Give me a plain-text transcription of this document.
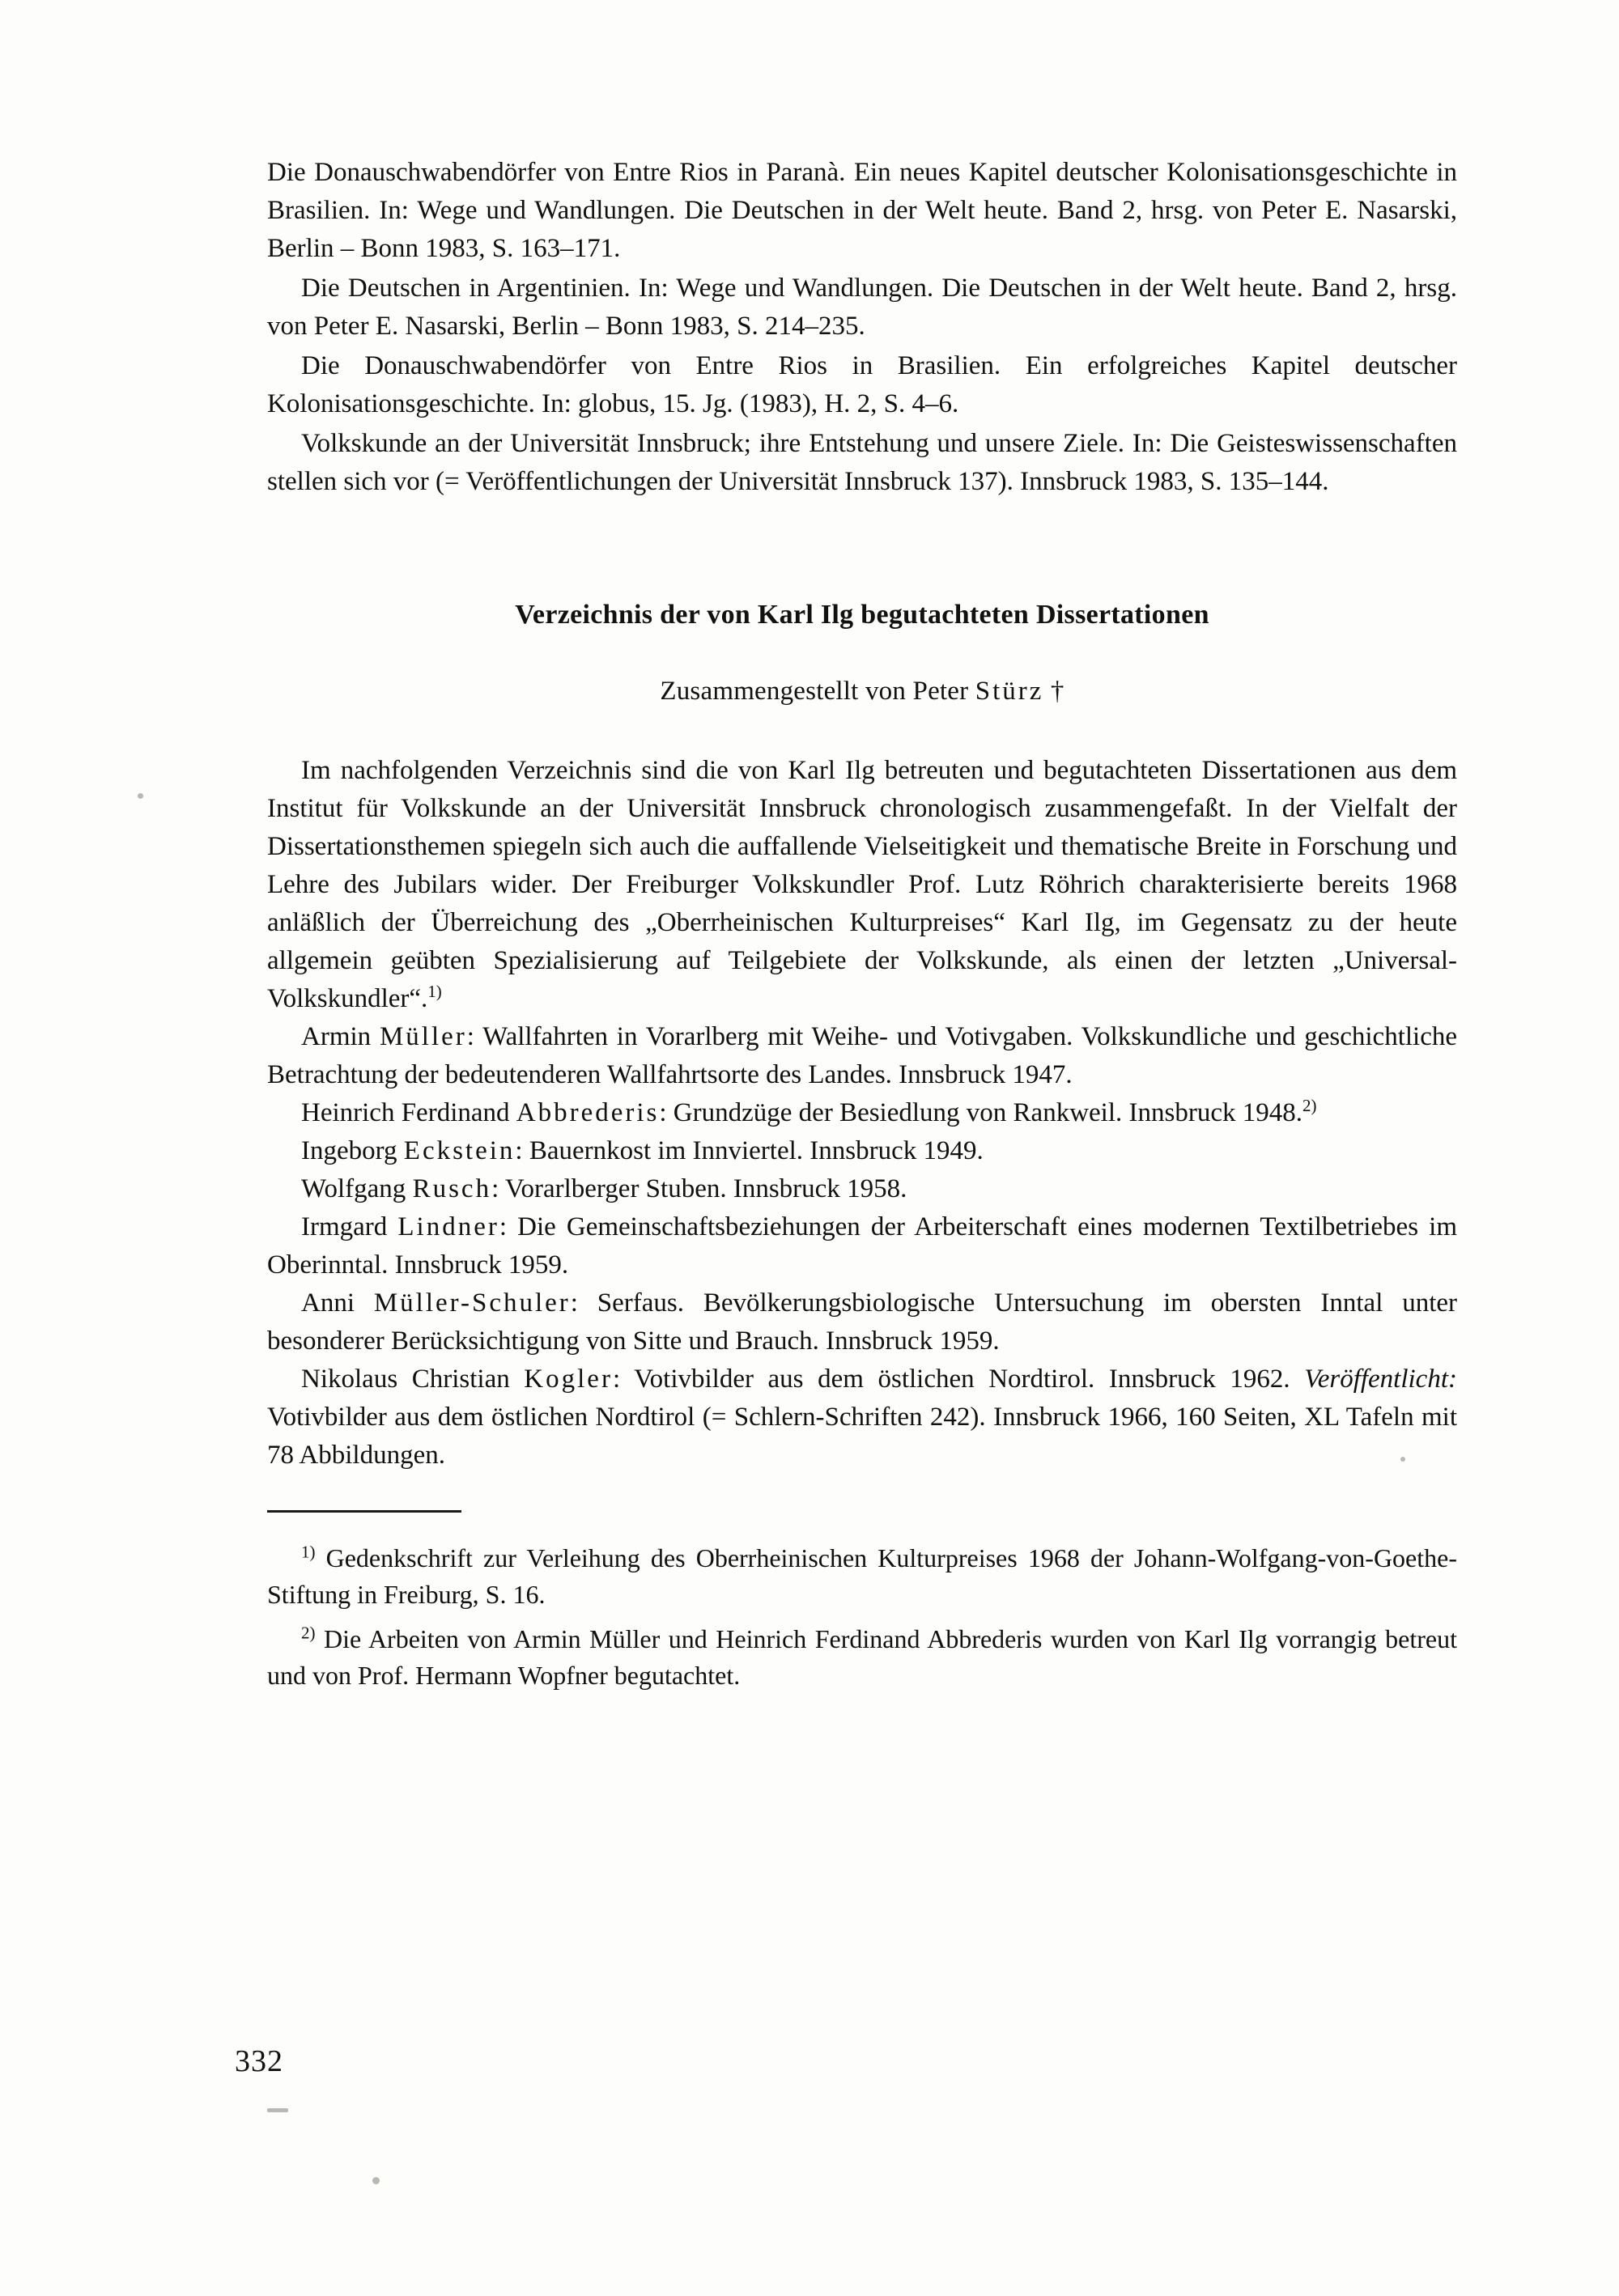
Die Donauschwabendörfer von Entre Rios in Paranà. Ein neues Kapitel deutscher Kolonisationsgeschichte in Brasilien. In: Wege und Wandlungen. Die Deutschen in der Welt heute. Band 2, hrsg. von Peter E. Nasarski, Berlin – Bonn 1983, S. 163–171.

Die Deutschen in Argentinien. In: Wege und Wandlungen. Die Deutschen in der Welt heute. Band 2, hrsg. von Peter E. Nasarski, Berlin – Bonn 1983, S. 214–235.

Die Donauschwabendörfer von Entre Rios in Brasilien. Ein erfolgreiches Kapitel deutscher Kolonisationsgeschichte. In: globus, 15. Jg. (1983), H. 2, S. 4–6.

Volkskunde an der Universität Innsbruck; ihre Entstehung und unsere Ziele. In: Die Geisteswissenschaften stellen sich vor (= Veröffentlichungen der Universität Innsbruck 137). Innsbruck 1983, S. 135–144.

Verzeichnis der von Karl Ilg begutachteten Dissertationen
Zusammengestellt von Peter Stürz †

Im nachfolgenden Verzeichnis sind die von Karl Ilg betreuten und begutachteten Dissertationen aus dem Institut für Volkskunde an der Universität Innsbruck chronologisch zusammengefaßt. In der Vielfalt der Dissertationsthemen spiegeln sich auch die auffallende Vielseitigkeit und thematische Breite in Forschung und Lehre des Jubilars wider. Der Freiburger Volkskundler Prof. Lutz Röhrich charakterisierte bereits 1968 anläßlich der Überreichung des „Oberrheinischen Kulturpreises“ Karl Ilg, im Gegensatz zu der heute allgemein geübten Spezialisierung auf Teilgebiete der Volkskunde, als einen der letzten „Universal-Volkskundler“.$^{1)}$

Armin Müller: Wallfahrten in Vorarlberg mit Weihe- und Votivgaben. Volkskundliche und geschichtliche Betrachtung der bedeutenderen Wallfahrtsorte des Landes. Innsbruck 1947.

Heinrich Ferdinand Abbrederis: Grundzüge der Besiedlung von Rankweil. Innsbruck 1948.$^{2)}$

Ingeborg Eckstein: Bauernkost im Innviertel. Innsbruck 1949.

Wolfgang Rusch: Vorarlberger Stuben. Innsbruck 1958.

Irmgard Lindner: Die Gemeinschaftsbeziehungen der Arbeiterschaft eines modernen Textilbetriebes im Oberinntal. Innsbruck 1959.

Anni Müller-Schuler: Serfaus. Bevölkerungsbiologische Untersuchung im obersten Inntal unter besonderer Berücksichtigung von Sitte und Brauch. Innsbruck 1959.

Nikolaus Christian Kogler: Votivbilder aus dem östlichen Nordtirol. Innsbruck 1962. Veröffentlicht: Votivbilder aus dem östlichen Nordtirol (= Schlern-Schriften 242). Innsbruck 1966, 160 Seiten, XL Tafeln mit 78 Abbildungen.

$^{1)}$ Gedenkschrift zur Verleihung des Oberrheinischen Kulturpreises 1968 der Johann-Wolfgang-von-Goethe-Stiftung in Freiburg, S. 16.

$^{2)}$ Die Arbeiten von Armin Müller und Heinrich Ferdinand Abbrederis wurden von Karl Ilg vorrangig betreut und von Prof. Hermann Wopfner begutachtet.

332
